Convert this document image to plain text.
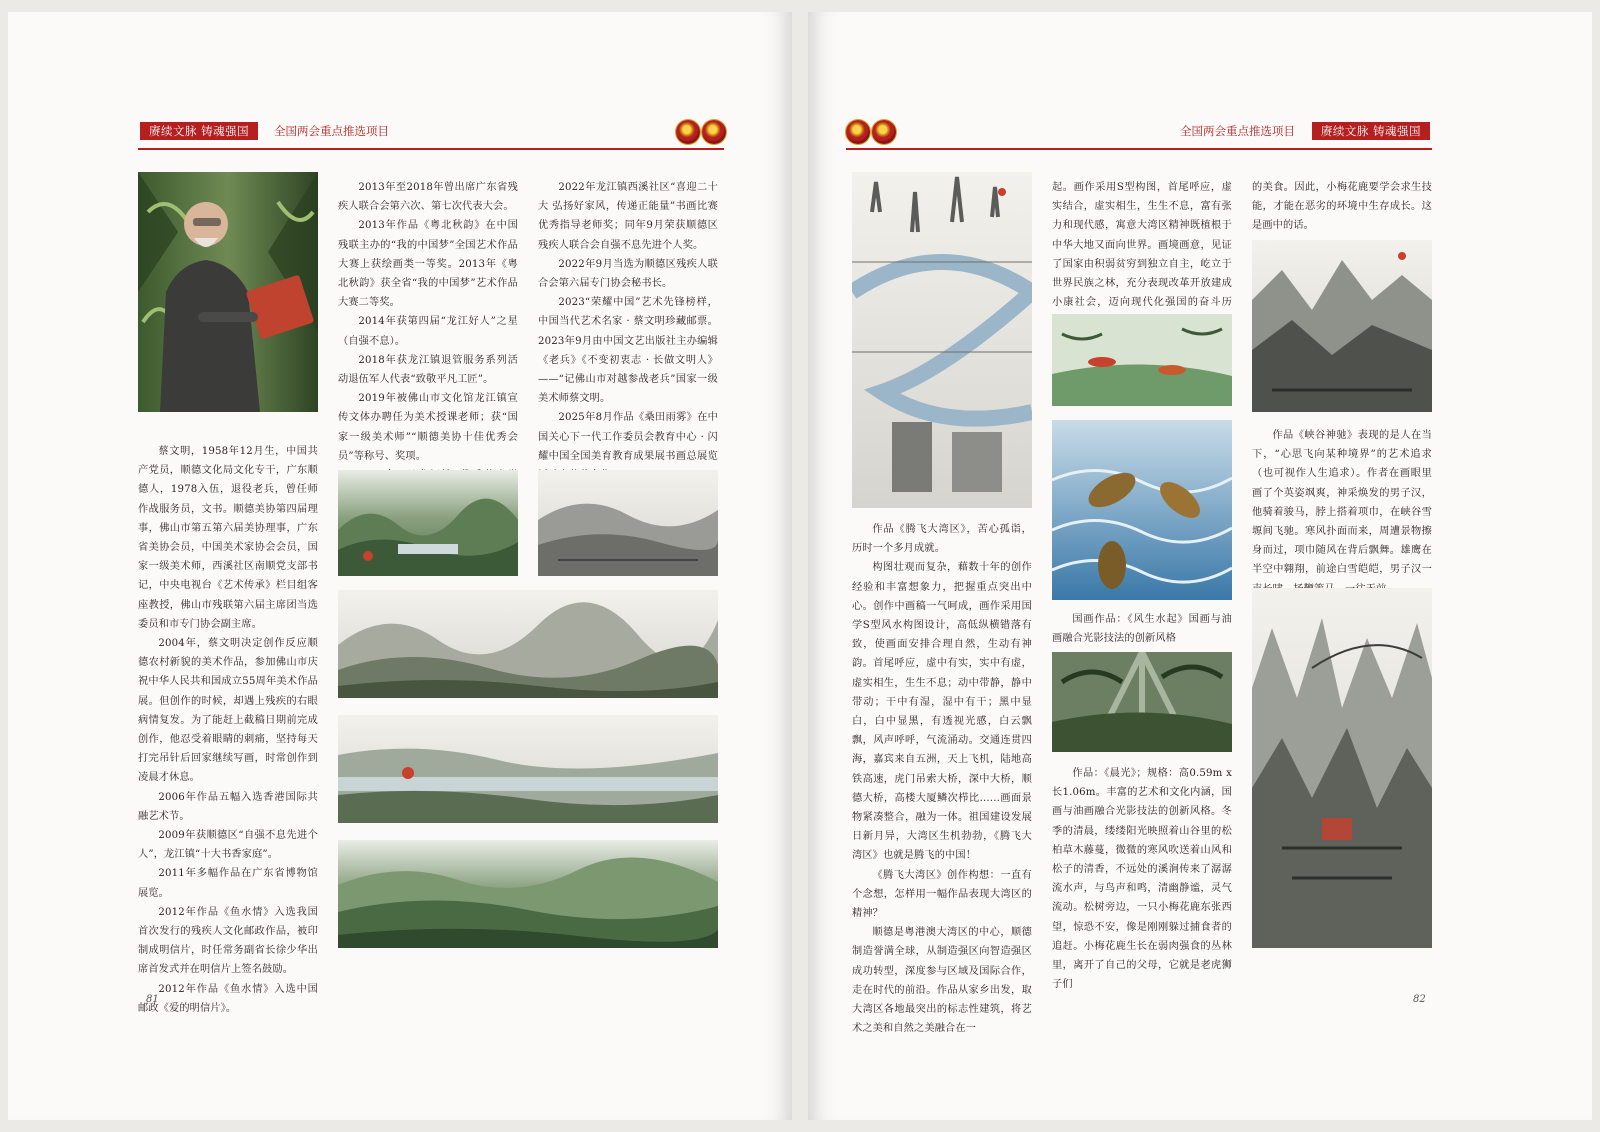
赓续文脉 铸魂强国	全国两会重点推选项目

蔡文明，1958年12月生，中国共产党员，顺德文化局文化专干，广东顺德人，1978入伍，退役老兵，曾任师作战服务员，文书。顺德美协第四届理事，佛山市第五第六届美协理事，广东省美协会员，中国美术家协会会员，国家一级美术师，西溪社区南顺党支部书记，中央电视台《艺术传承》栏目组客座教授，佛山市残联第六届主席团当选委员和市专门协会副主席。

2004年，蔡文明决定创作反应顺德农村新貌的美术作品，参加佛山市庆祝中华人民共和国成立55周年美术作品展。但创作的时候，却遇上残疾的右眼病情复发。为了能赶上截稿日期前完成创作，他忍受着眼睛的刺痛，坚持每天打完吊针后回家继续写画，时常创作到凌晨才休息。

2006年作品五幅入选香港国际共融艺术节。

2009年获顺德区“自强不息先进个人”，龙江镇“十大书香家庭”。

2011年多幅作品在广东省博物馆展览。

2012年作品《鱼水情》入选我国首次发行的残疾人文化邮政作品，被印制成明信片，时任常务副省长徐少华出席首发式并在明信片上签名鼓励。

2012年作品《鱼水情》入选中国邮政《爱的明信片》。

2013年至2018年曾出席广东省残疾人联合会第六次、第七次代表大会。

2013年作品《粤北秋韵》在中国残联主办的“我的中国梦”全国艺术作品大赛上获绘画类一等奖。2013年《粤北秋韵》获全省“我的中国梦”艺术作品大赛二等奖。

2014年获第四届“龙江好人”之星（自强不息）。

2018年获龙江镇退管服务系列活动退伍军人代表“致敬平凡工匠”。

2019年被佛山市文化馆龙江镇宣传文体办聘任为美术授课老师；获“国家一级美术师”“顺德美协十佳优秀会员”等称号、奖项。

2022年龙江镇西溪社区“喜迎二十大 弘扬好家风，传递正能量”书画比赛优秀指导老师奖；同年9月荣获顺德区残疾人联合会自强不息先进个人奖。

2022年9月当选为顺德区残疾人联合会第六届专门协会秘书长。

2023“荣耀中国”艺术先锋榜样，中国当代艺术名家 · 蔡文明珍藏邮票。2023年9月由中国文艺出版社主办编辑《老兵》《不变初衷志 · 长做文明人》——“记佛山市对越参战老兵”国家一级美术师蔡文明。

2025年8月作品《桑田雨雾》在中国关心下一代工作委员会教育中心 · 闪耀中国全国美育教育成果展书画总展览

81
全国两会重点推选项目	赓续文脉 铸魂强国

作品《腾飞大湾区》，苦心孤诣，历时一个多月成就。

构图壮观而复杂，藉数十年的创作经验和丰富想象力，把握重点突出中心。创作中画稿一气呵成，画作采用国学S型风水构图设计，高低纵横错落有致，使画面安排合理自然，生动有神韵。首尾呼应，虚中有实，实中有虚，虚实相生，生生不息；动中带静，静中带动；干中有湿，湿中有干；黑中显白，白中显黑，有透视光感，白云飘飘，风声呼呼，气流涌动。交通连贯四海，嘉宾来自五洲，天上飞机，陆地高铁高速，虎门吊索大桥，深中大桥，顺德大桥，高楼大厦鳞次栉比……画面景物紧凑整合，融为一体。祖国建设发展日新月异，大湾区生机勃勃，《腾飞大湾区》也就是腾飞的中国！

《腾飞大湾区》创作构想：一直有个念想，怎样用一幅作品表现大湾区的精神？

顺德是粤港澳大湾区的中心，顺德制造誉满全球，从制造强区向智造强区成功转型，深度参与区域及国际合作，走在时代的前沿。作品从家乡出发，取大湾区各地最突出的标志性建筑，将艺术之美和自然之美融合在一

起。画作采用S型构图，首尾呼应，虚实结合，虚实相生，生生不息，富有张力和现代感，寓意大湾区精神既植根于中华大地又面向世界。画境画意，见证了国家由积弱贫穷到独立自主，屹立于世界民族之林，充分表现改革开放建成小康社会，迈向现代化强国的奋斗历

国画作品：《风生水起》国画与油画融合光影技法的创新风格

作品：《晨光》；规格：高0.59m x 长1.06m。丰富的艺术和文化内涵，国画与油画融合光影技法的创新风格。冬季的清晨，缕缕阳光映照着山谷里的松柏草木藤蔓，微微的寒风吹送着山风和松子的清香，不远处的溪涧传来了潺潺流水声，与鸟声和鸣，清幽静谧，灵气流动。松树旁边，一只小梅花鹿东张西望，惊恐不安，像是刚刚躲过捕食者的追赶。小梅花鹿生长在弱肉强食的丛林里，离开了自己的父母，它就是老虎狮子们

的美食。因此，小梅花鹿要学会求生技能，才能在恶劣的环境中生存成长。这是画中的话。

作品《峡谷神驰》表现的是人在当下，“心思飞向某种境界”的艺术追求（也可视作人生追求）。作者在画眼里画了个英姿飒爽，神采焕发的男子汉，他骑着骏马，脖上搭着项巾，在峡谷雪塬间飞驰。寒风扑面而来，周遭景物擦身而过，项巾随风在背后飘舞。雄鹰在半空中翱翔，前途白雪皑皑，男子汉一

82
